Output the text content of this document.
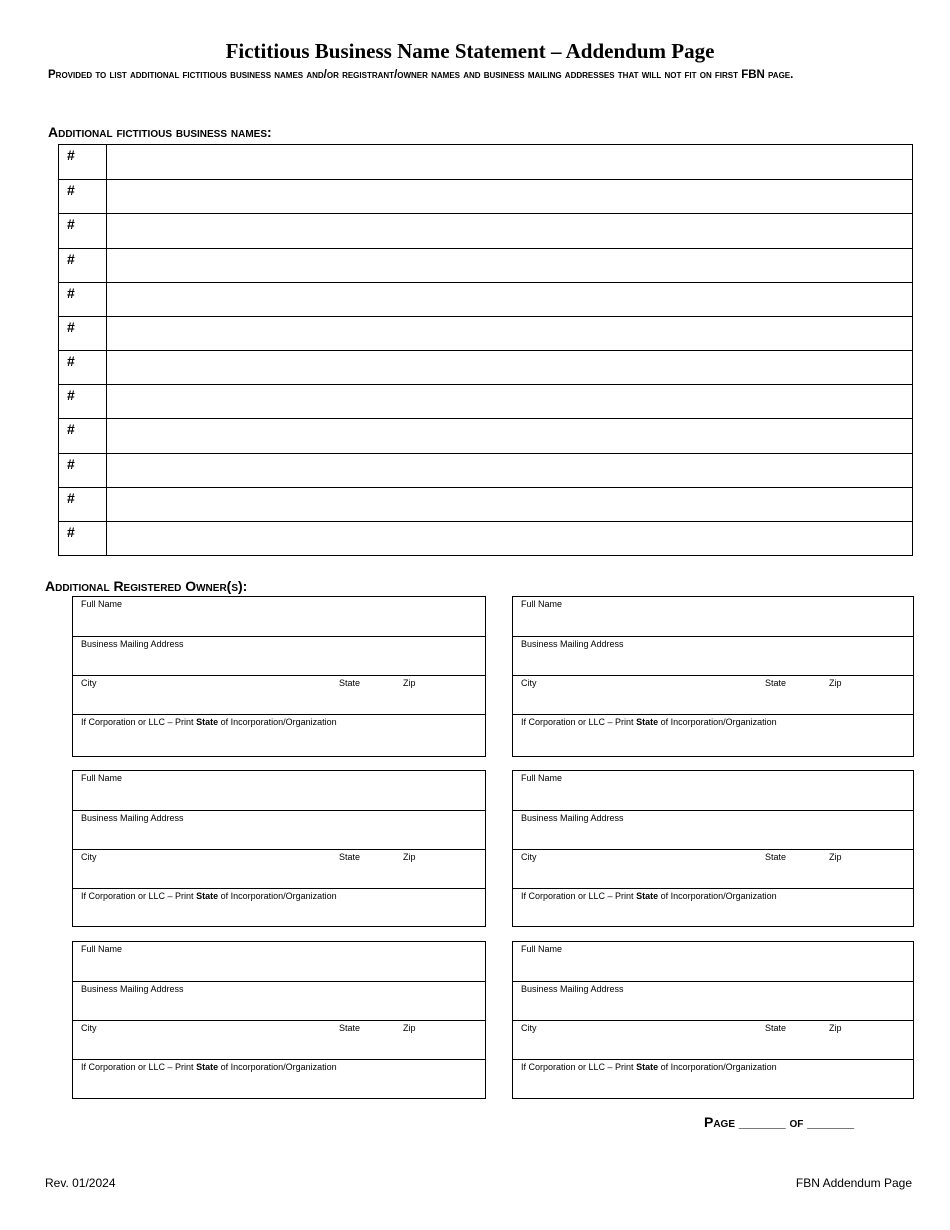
Fictitious Business Name Statement – Addendum Page
Provided to list additional fictitious business names and/or registrant/owner names and business mailing addresses that will not fit on first FBN page.
Additional fictitious business names:
#
#
#
#
#
#
#
#
#
#
#
#
Additional Registered Owner(s):
Full Name
Business Mailing Address
City	State	Zip
If Corporation or LLC – Print State of Incorporation/Organization
Full Name
Business Mailing Address
City	State	Zip
If Corporation or LLC – Print State of Incorporation/Organization
Full Name
Business Mailing Address
City	State	Zip
If Corporation or LLC – Print State of Incorporation/Organization
Full Name
Business Mailing Address
City	State	Zip
If Corporation or LLC – Print State of Incorporation/Organization
Full Name
Business Mailing Address
City	State	Zip
If Corporation or LLC – Print State of Incorporation/Organization
Full Name
Business Mailing Address
City	State	Zip
If Corporation or LLC – Print State of Incorporation/Organization
Page ______ of ______
Rev. 01/2024	FBN Addendum Page
